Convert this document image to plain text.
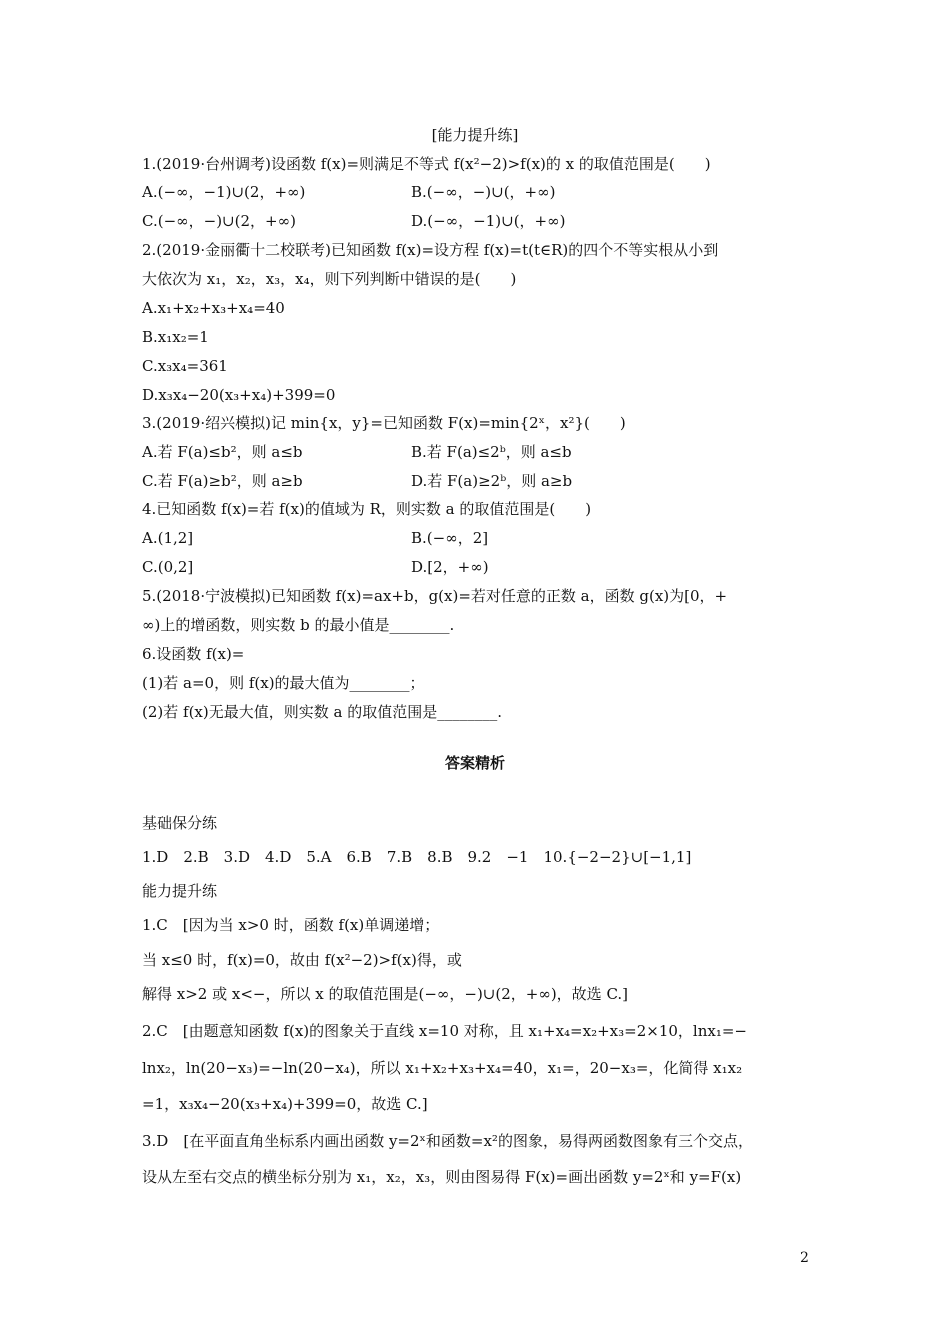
[能力提升练]
1.(2019·台州调考)设函数 f(x)=则满足不等式 f(x²−2)>f(x)的 x 的取值范围是(　　)
A.(−∞，−1)∪(2，+∞)	B.(−∞，−)∪(，+∞)
C.(−∞，−)∪(2，+∞)	D.(−∞，−1)∪(，+∞)
2.(2019·金丽衢十二校联考)已知函数 f(x)=设方程 f(x)=t(t∈R)的四个不等实根从小到
大依次为 x₁，x₂，x₃，x₄，则下列判断中错误的是(　　)
A.x₁+x₂+x₃+x₄=40
B.x₁x₂=1
C.x₃x₄=361
D.x₃x₄−20(x₃+x₄)+399=0
3.(2019·绍兴模拟)记 min{x，y}=已知函数 F(x)=min{2ˣ，x²}(　　)
A.若 F(a)≤b²，则 a≤b	B.若 F(a)≤2ᵇ，则 a≤b
C.若 F(a)≥b²，则 a≥b	D.若 F(a)≥2ᵇ，则 a≥b
4.已知函数 f(x)=若 f(x)的值域为 R，则实数 a 的取值范围是(　　)
A.(1,2]	B.(−∞，2]
C.(0,2]	D.[2，+∞)
5.(2018·宁波模拟)已知函数 f(x)=ax+b，g(x)=若对任意的正数 a，函数 g(x)为[0，+
∞)上的增函数，则实数 b 的最小值是________.
6.设函数 f(x)=
(1)若 a=0，则 f(x)的最大值为________；
(2)若 f(x)无最大值，则实数 a 的取值范围是________.
答案精析
基础保分练
1.D　2.B　3.D　4.D　5.A　6.B　7.B　8.B　9.2　−1　10.{−2−2}∪[−1,1]
能力提升练
1.C　[因为当 x>0 时，函数 f(x)单调递增；
当 x≤0 时，f(x)=0，故由 f(x²−2)>f(x)得，或
解得 x>2 或 x<−，所以 x 的取值范围是(−∞，−)∪(2，+∞)，故选 C.]
2.C　[由题意知函数 f(x)的图象关于直线 x=10 对称，且 x₁+x₄=x₂+x₃=2×10，lnx₁=−
lnx₂，ln(20−x₃)=−ln(20−x₄)，所以 x₁+x₂+x₃+x₄=40，x₁=，20−x₃=，化简得 x₁x₂
=1，x₃x₄−20(x₃+x₄)+399=0，故选 C.]
3.D　[在平面直角坐标系内画出函数 y=2ˣ和函数=x²的图象，易得两函数图象有三个交点，
设从左至右交点的横坐标分别为 x₁，x₂，x₃，则由图易得 F(x)=画出函数 y=2ˣ和 y=F(x)
2
